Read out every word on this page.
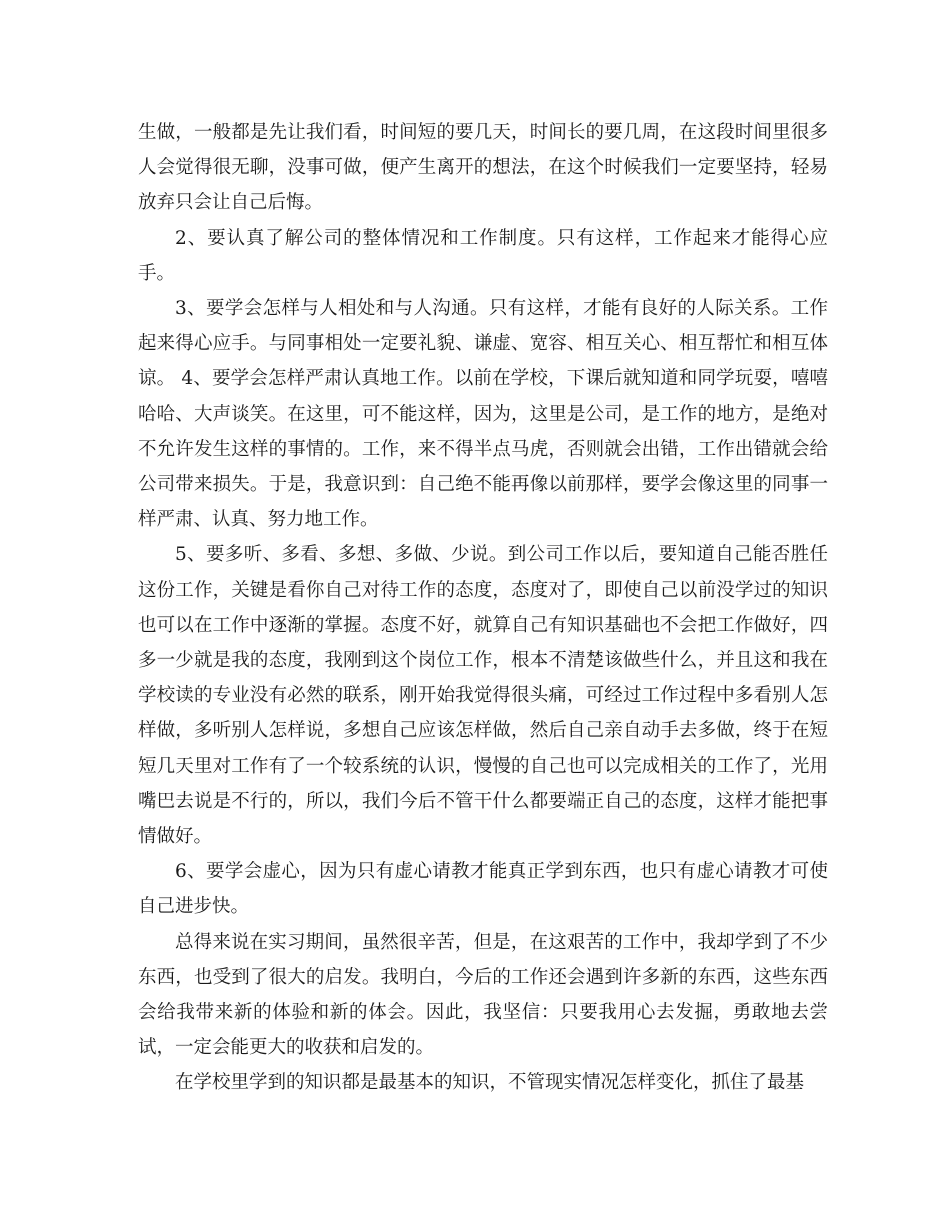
生做，一般都是先让我们看，时间短的要几天，时间长的要几周，在这段时间里很多人会觉得很无聊，没事可做，便产生离开的想法，在这个时候我们一定要坚持，轻易放弃只会让自己后悔。

2、要认真了解公司的整体情况和工作制度。只有这样，工作起来才能得心应手。

3、要学会怎样与人相处和与人沟通。只有这样，才能有良好的人际关系。工作起来得心应手。与同事相处一定要礼貌、谦虚、宽容、相互关心、相互帮忙和相互体谅。 4、要学会怎样严肃认真地工作。以前在学校，下课后就知道和同学玩耍，嘻嘻哈哈、大声谈笑。在这里，可不能这样，因为，这里是公司，是工作的地方，是绝对不允许发生这样的事情的。工作，来不得半点马虎，否则就会出错，工作出错就会给公司带来损失。于是，我意识到：自己绝不能再像以前那样，要学会像这里的同事一样严肃、认真、努力地工作。

5、要多听、多看、多想、多做、少说。到公司工作以后，要知道自己能否胜任这份工作，关键是看你自己对待工作的态度，态度对了，即使自己以前没学过的知识也可以在工作中逐渐的掌握。态度不好，就算自己有知识基础也不会把工作做好，四多一少就是我的态度，我刚到这个岗位工作，根本不清楚该做些什么，并且这和我在学校读的专业没有必然的联系，刚开始我觉得很头痛，可经过工作过程中多看别人怎样做，多听别人怎样说，多想自己应该怎样做，然后自己亲自动手去多做，终于在短短几天里对工作有了一个较系统的认识，慢慢的自己也可以完成相关的工作了，光用嘴巴去说是不行的，所以，我们今后不管干什么都要端正自己的态度，这样才能把事情做好。

6、要学会虚心，因为只有虚心请教才能真正学到东西，也只有虚心请教才可使自己进步快。

总得来说在实习期间，虽然很辛苦，但是，在这艰苦的工作中，我却学到了不少东西，也受到了很大的启发。我明白，今后的工作还会遇到许多新的东西，这些东西会给我带来新的体验和新的体会。因此，我坚信：只要我用心去发掘，勇敢地去尝试，一定会能更大的收获和启发的。

在学校里学到的知识都是最基本的知识，不管现实情况怎样变化，抓住了最基
